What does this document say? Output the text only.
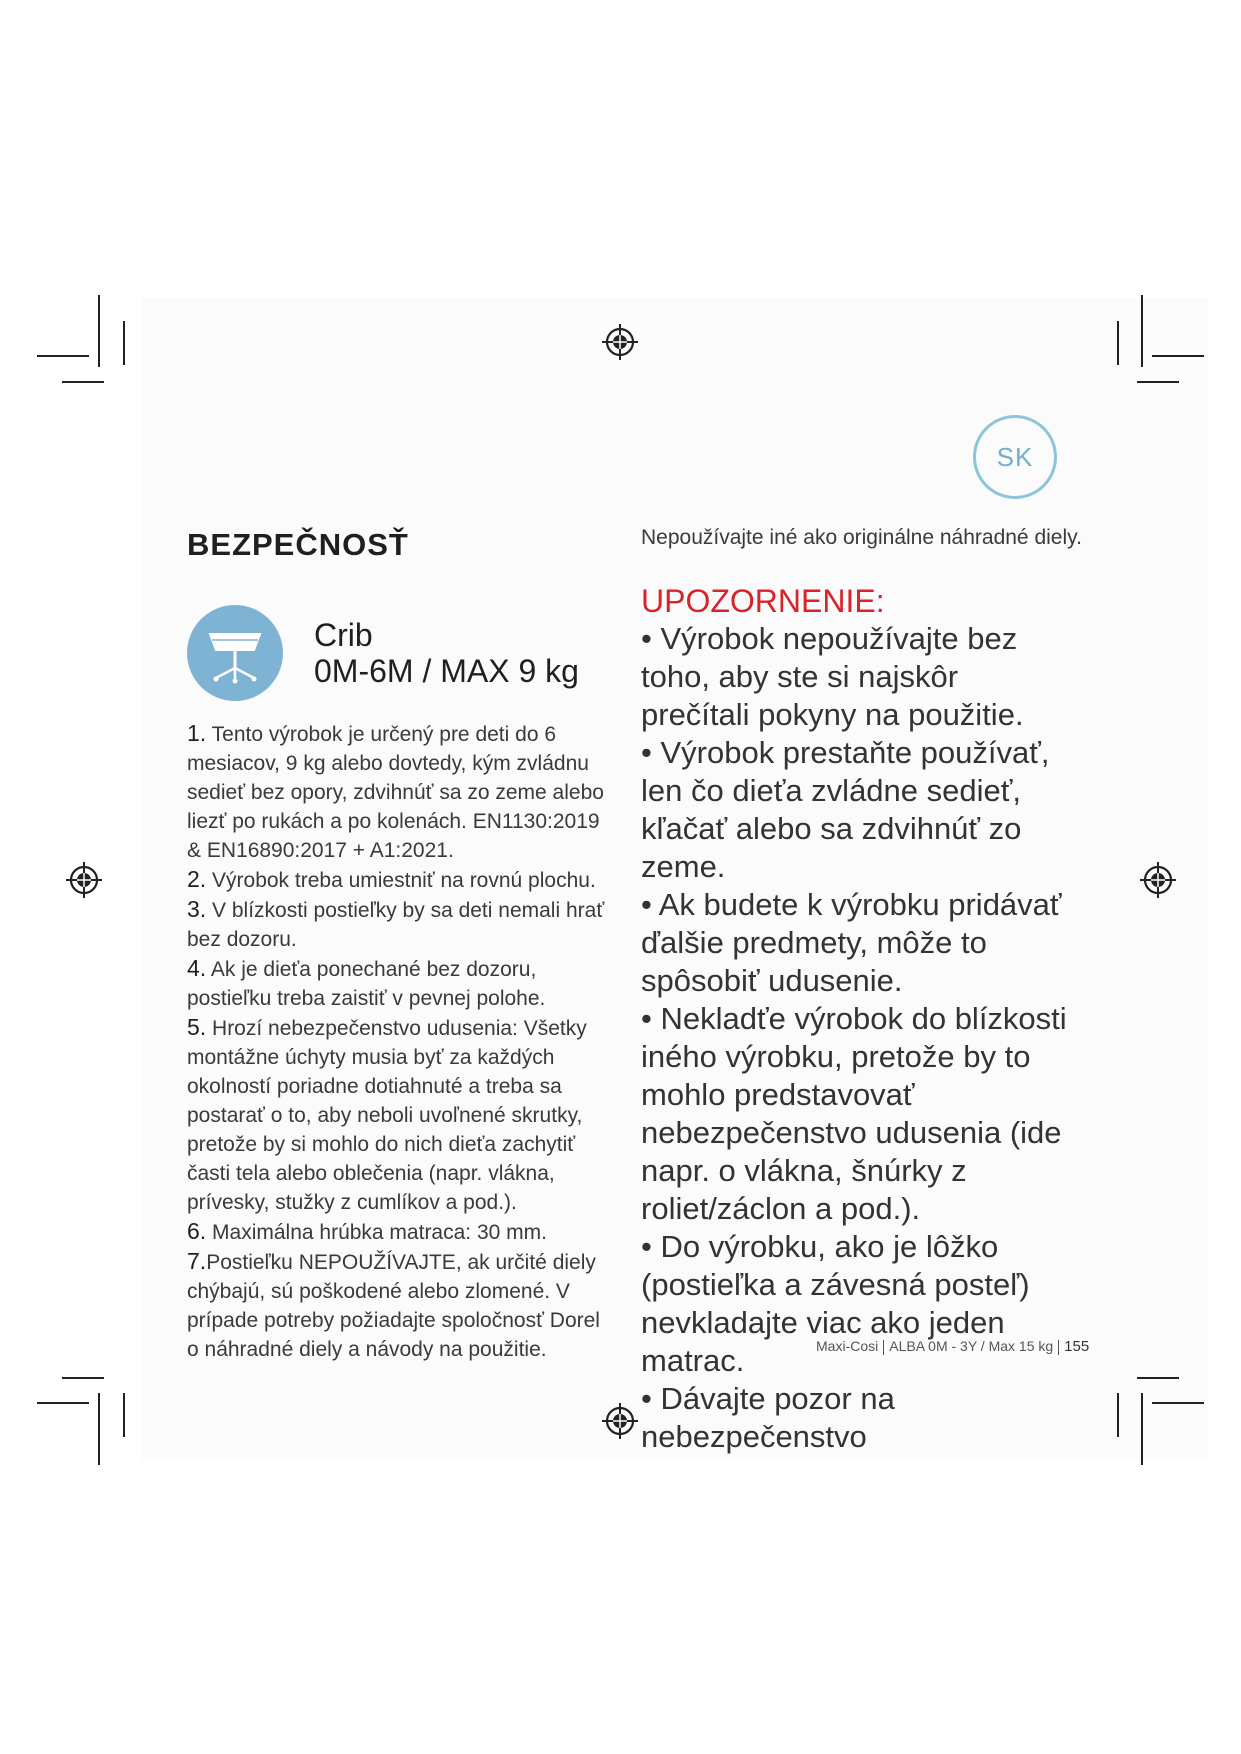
SK
BEZPEČNOSŤ
Crib
0M-6M / MAX 9 kg

1. Tento výrobok je určený pre deti do 6 mesiacov, 9 kg alebo dovtedy, kým zvládnu sedieť bez opory, zdvihnúť sa zo zeme alebo liezť po rukách a po kolenách. EN1130:2019 & EN16890:2017 + A1:2021.

2. Výrobok treba umiestniť na rovnú plochu.

3. V blízkosti postieľky by sa deti nemali hrať bez dozoru.

4. Ak je dieťa ponechané bez dozoru, postieľku treba zaistiť v pevnej polohe.

5. Hrozí nebezpečenstvo udusenia: Všetky montážne úchyty musia byť za každých okolností poriadne dotiahnuté a treba sa postarať o to, aby neboli uvoľnené skrutky, pretože by si mohlo do nich dieťa zachytiť časti tela alebo oblečenia (napr. vlákna, prívesky, stužky z cumlíkov a pod.).

6. Maximálna hrúbka matraca: 30 mm.

7.Postieľku NEPOUŽÍVAJTE, ak určité diely chýbajú, sú poškodené alebo zlomené. V prípade potreby požiadajte spoločnosť Dorel o náhradné diely a návody na použitie.

Nepoužívajte iné ako originálne náhradné diely.
UPOZORNENIE:
• Výrobok nepoužívajte bez toho, aby ste si najskôr prečítali pokyny na použitie.
• Výrobok prestaňte používať, len čo dieťa zvládne sedieť, kľačať alebo sa zdvihnúť zo zeme.
• Ak budete k výrobku pridávať ďalšie predmety, môže to spôsobiť udusenie.
• Nekladťe výrobok do blízkosti iného výrobku, pretože by to mohlo predstavovať nebezpečenstvo udusenia (ide napr. o vlákna, šnúrky z roliet/záclon a pod.).
• Do výrobku, ako je lôžko (postieľka a závesná posteľ) nevkladajte viac ako jeden matrac.
• Dávajte pozor na nebezpečenstvo
Maxi-Cosi ALBA 0M - 3Y / Max 15 kg 155
